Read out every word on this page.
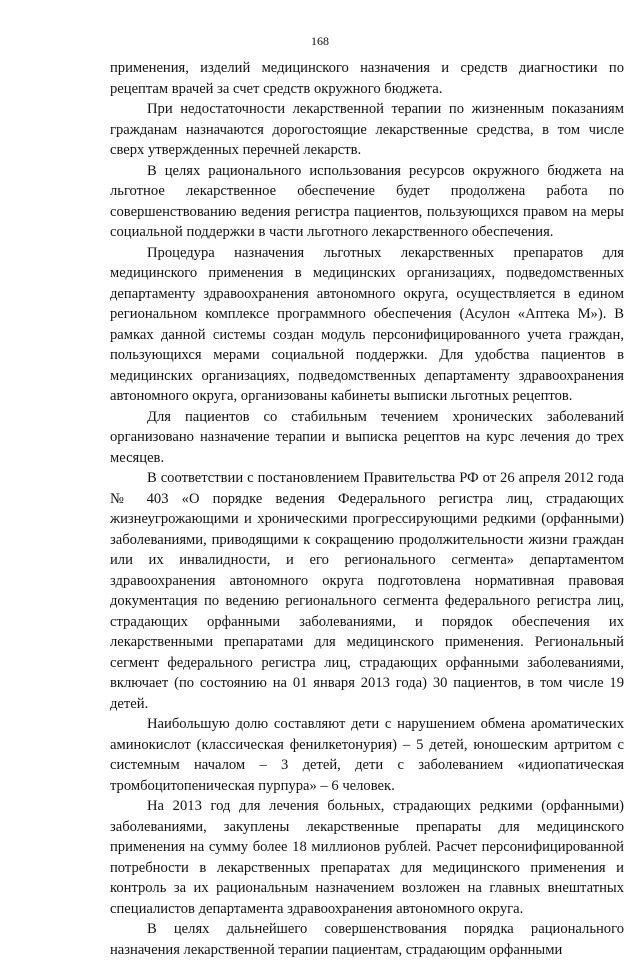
168

применения, изделий медицинского назначения и средств диагностики по рецептам врачей за счет средств окружного бюджета.

При недостаточности лекарственной терапии по жизненным показаниям гражданам назначаются дорогостоящие лекарственные средства, в том числе сверх утвержденных перечней лекарств.

В целях рационального использования ресурсов окружного бюджета на льготное лекарственное обеспечение будет продолжена работа по совершенствованию ведения регистра пациентов, пользующихся правом на меры социальной поддержки в части льготного лекарственного обеспечения.

Процедура назначения льготных лекарственных препаратов для медицинского применения в медицинских организациях, подведомственных департаменту здравоохранения автономного округа, осуществляется в едином региональном комплексе программного обеспечения (Асулон «Аптека М»). В рамках данной системы создан модуль персонифицированного учета граждан, пользующихся мерами социальной поддержки. Для удобства пациентов в медицинских организациях, подведомственных департаменту здравоохранения автономного округа, организованы кабинеты выписки льготных рецептов.

Для пациентов со стабильным течением хронических заболеваний организовано назначение терапии и выписка рецептов на курс лечения до трех месяцев.

В соответствии с постановлением Правительства РФ от 26 апреля 2012 года № 403 «О порядке ведения Федерального регистра лиц, страдающих жизнеугрожающими и хроническими прогрессирующими редкими (орфанными) заболеваниями, приводящими к сокращению продолжительности жизни граждан или их инвалидности, и его регионального сегмента» департаментом здравоохранения автономного округа подготовлена нормативная правовая документация по ведению регионального сегмента федерального регистра лиц, страдающих орфанными заболеваниями, и порядок обеспечения их лекарственными препаратами для медицинского применения. Региональный сегмент федерального регистра лиц, страдающих орфанными заболеваниями, включает (по состоянию на 01 января 2013 года) 30 пациентов, в том числе 19 детей.

Наибольшую долю составляют дети с нарушением обмена ароматических аминокислот (классическая фенилкетонурия) – 5 детей, юношеским артритом с системным началом – 3 детей, дети с заболеванием «идиопатическая тромбоцитопеническая пурпура» – 6 человек.

На 2013 год для лечения больных, страдающих редкими (орфанными) заболеваниями, закуплены лекарственные препараты для медицинского применения на сумму более 18 миллионов рублей. Расчет персонифицированной потребности в лекарственных препаратах для медицинского применения и контроль за их рациональным назначением возложен на главных внештатных специалистов департамента здравоохранения автономного округа.

В целях дальнейшего совершенствования порядка рационального назначения лекарственной терапии пациентам, страдающим орфанными
